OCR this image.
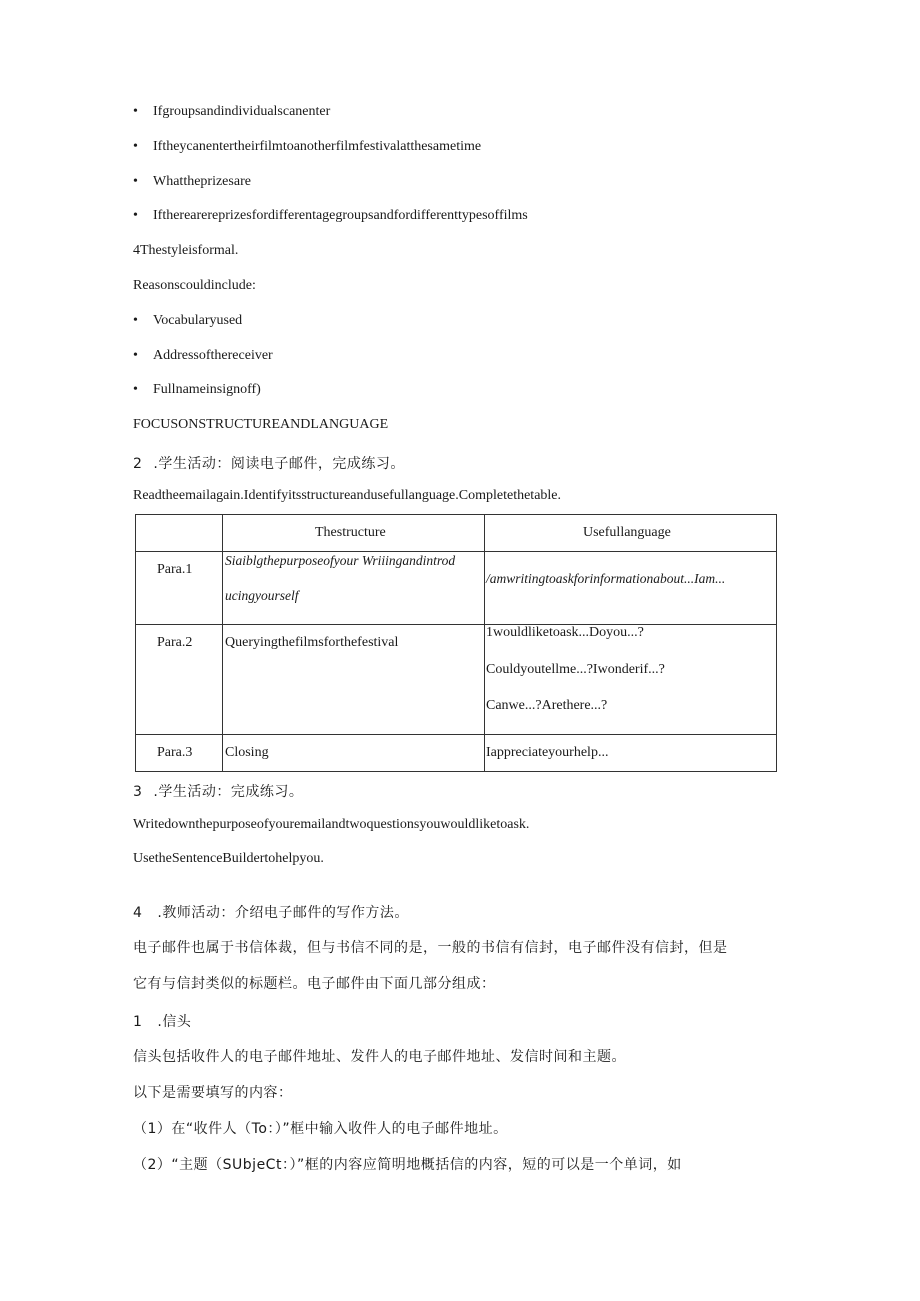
• Ifgroupsandindividualscanenter
• Iftheycanentertheirfilmtoanotherfilmfestivalatthesametime
• Whattheprizesare
• Iftherearereprizesfordifferentagegroupsandfordifferenttypesoffilms
4Thestyleisformal.
Reasonscouldinclude:
• Vocabularyused
• Addressofthereceiver
• Fullnameinsignoff)
FOCUSONSTRUCTUREANDLANGUAGE
2 .学生活动：阅读电子邮件，完成练习。
Readtheemailagain.Identifyitsstructureandusefullanguage.Completethetable.
Thestructure	Usefullanguage
Para.1
Siaiblgthepurposeofyour Wriiingandintrod
ucingyourself
/amwritingtoaskforinformationabout...Iam...
Para.2 Queryingthefilmsforthefestival
1wouldliketoask...Doyou...?
Couldyoutellme...?Iwonderif...?
Canwe...?Arethere...?
Para.3 Closing	Iappreciateyourhelp...
3 .学生活动：完成练习。
Writedownthepurposeofyouremailandtwoquestionsyouwouldliketoask.
UsetheSentenceBuildertohelpyou.
4 .教师活动：介绍电子邮件的写作方法。
电子邮件也属于书信体裁，但与书信不同的是，一般的书信有信封，电子邮件没有信封，但是
它有与信封类似的标题栏。电子邮件由下面几部分组成：
1 .信头
信头包括收件人的电子邮件地址、发件人的电子邮件地址、发信时间和主题。
以下是需要填写的内容：
（1）在“收件人（To：）”框中输入收件人的电子邮件地址。
（2）“主题（SUbjeCt：）”框的内容应简明地概括信的内容，短的可以是一个单词，如
